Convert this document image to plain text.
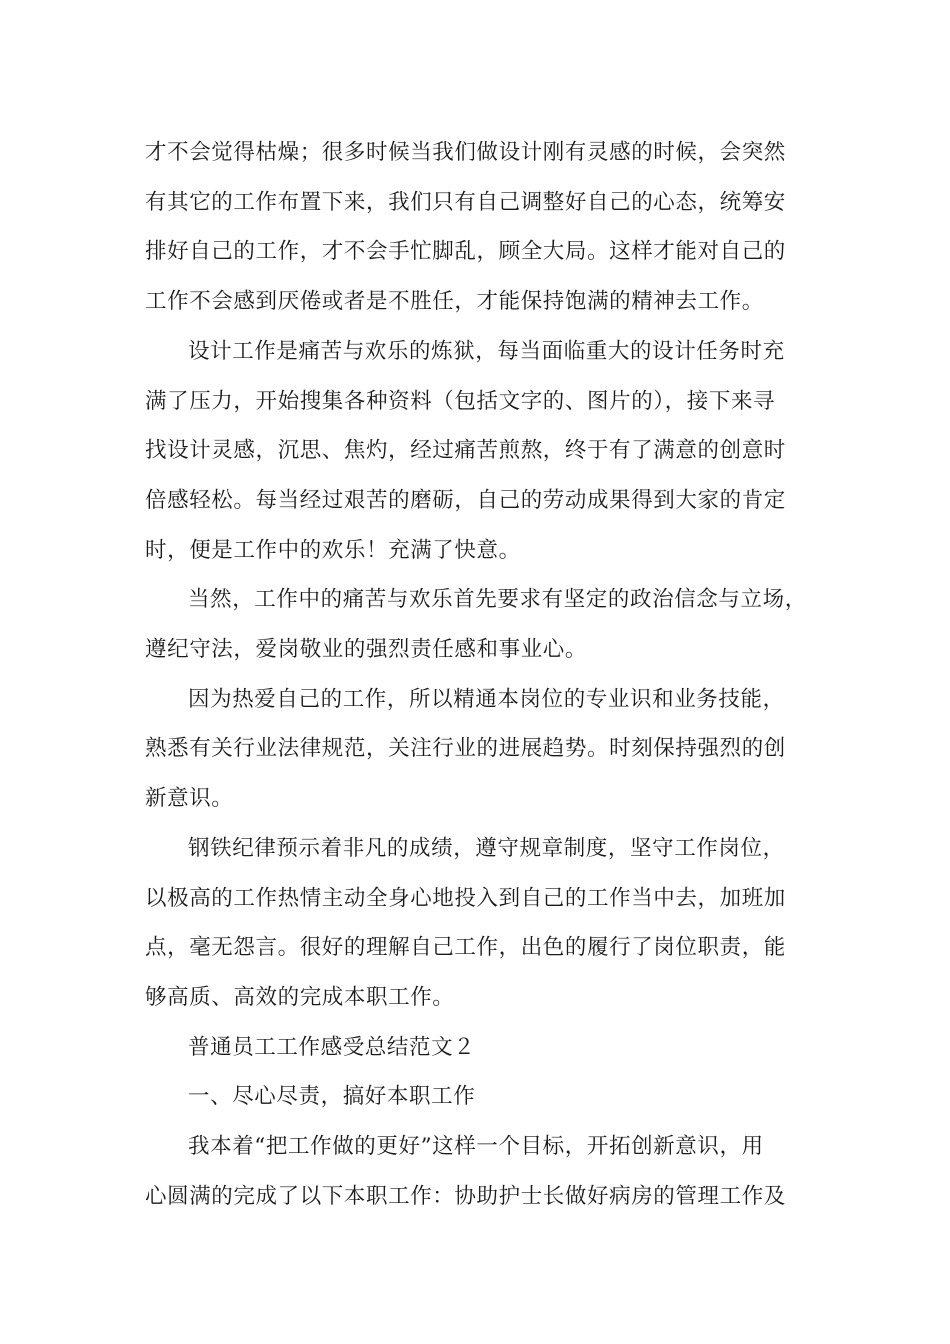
才不会觉得枯燥；很多时候当我们做设计刚有灵感的时候，会突然
有其它的工作布置下来，我们只有自己调整好自己的心态，统筹安
排好自己的工作，才不会手忙脚乱，顾全大局。这样才能对自己的
工作不会感到厌倦或者是不胜任，才能保持饱满的精神去工作。

设计工作是痛苦与欢乐的炼狱，每当面临重大的设计任务时充
满了压力，开始搜集各种资料（包括文字的、图片的），接下来寻
找设计灵感，沉思、焦灼，经过痛苦煎熬，终于有了满意的创意时
倍感轻松。每当经过艰苦的磨砺，自己的劳动成果得到大家的肯定
时，便是工作中的欢乐！充满了快意。

当然，工作中的痛苦与欢乐首先要求有坚定的政治信念与立场，
遵纪守法，爱岗敬业的强烈责任感和事业心。

因为热爱自己的工作，所以精通本岗位的专业识和业务技能，
熟悉有关行业法律规范，关注行业的进展趋势。时刻保持强烈的创
新意识。

钢铁纪律预示着非凡的成绩，遵守规章制度，坚守工作岗位，
以极高的工作热情主动全身心地投入到自己的工作当中去，加班加
点，毫无怨言。很好的理解自己工作，出色的履行了岗位职责，能
够高质、高效的完成本职工作。

普通员工工作感受总结范文２

一、尽心尽责，搞好本职工作

我本着“把工作做的更好”这样一个目标，开拓创新意识，用
心圆满的完成了以下本职工作：协助护士长做好病房的管理工作及
